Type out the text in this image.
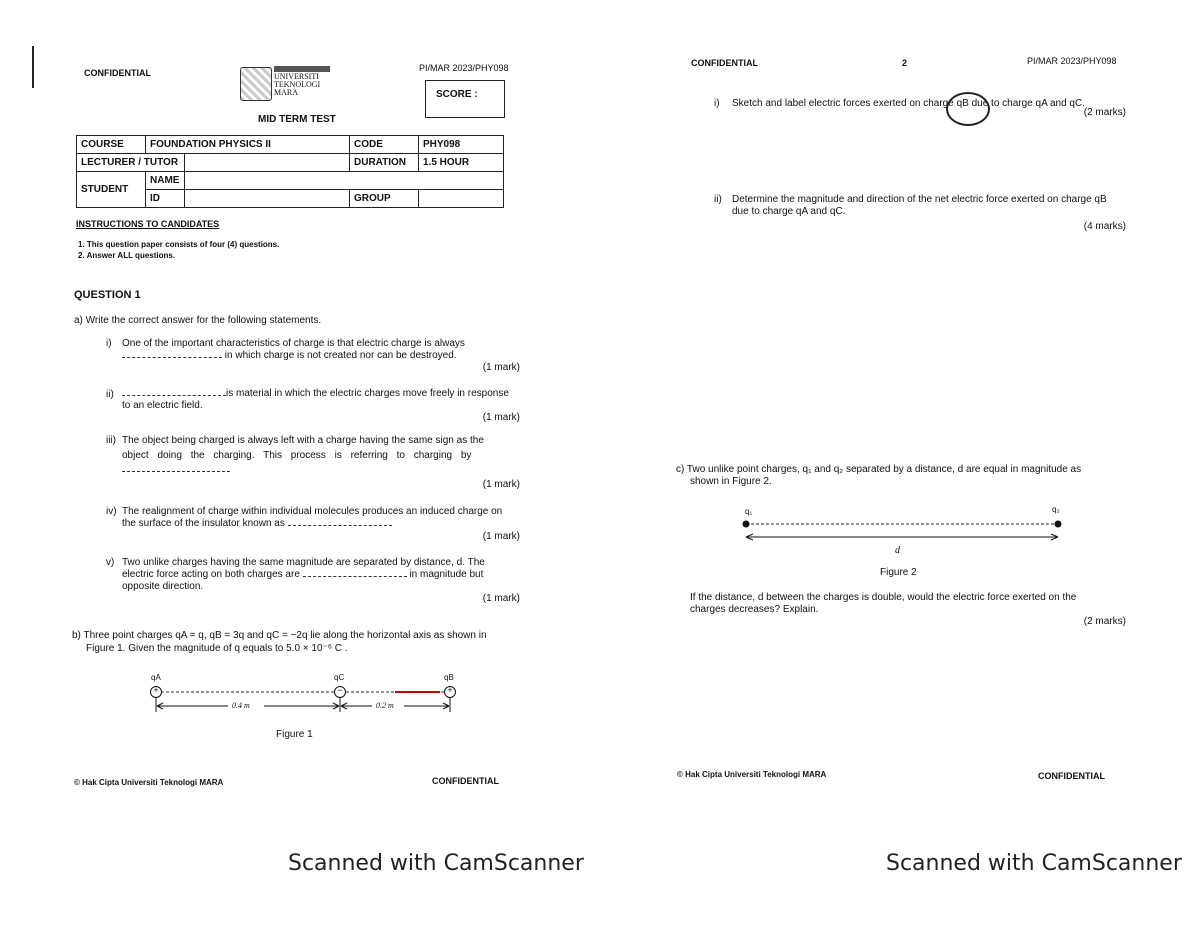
CONFIDENTIAL	UNIVERSITI
TEKNOLOGI
MARA
PI/MAR 2023/PHY098
SCORE :
MID TERM TEST
COURSE	FOUNDATION PHYSICS II		CODE	PHY098
LECTURER / TUTOR			DURATION	1.5 HOUR
STUDENT	NAME			
	ID		GROUP	
INSTRUCTIONS TO CANDIDATES
1. This question paper consists of four (4) questions.
2. Answer ALL questions.
QUESTION 1
a) Write the correct answer for the following statements.
i) One of the important characteristics of charge is that electric charge is always
in which charge is not created nor can be destroyed.
(1 mark)
ii)	is material in which the electric charges move freely in response
to an electric field.
(1 mark)
iii) The object being charged is always left with a charge having the same sign as the
object doing the charging. This process is referring to charging by
(1 mark)
iv) The realignment of charge within individual molecules produces an induced charge on
the surface of the insulator known as
(1 mark)
v) Two unlike charges having the same magnitude are separated by distance, d. The
electric force acting on both charges are	in magnitude but
opposite direction.
(1 mark)
b) Three point charges qA = q, qB = 3q and qC = −2q lie along the horizontal axis as shown in
Figure 1. Given the magnitude of q equals to 5.0 × 10⁻⁶ C .
qA	qC	qB
+	−	+
0.4 m	0.2 m
Figure 1
© Hak Cipta Universiti Teknologi MARA	CONFIDENTIAL
Scanned with CamScanner
CONFIDENTIAL	2	PI/MAR 2023/PHY098
i) Sketch and label electric forces exerted on charge qB due to charge qA and qC.
(2 marks)
ii) Determine the magnitude and direction of the net electric force exerted on charge qB
due to charge qA and qC.
(4 marks)
c) Two unlike point charges, q₁ and q₂ separated by a distance, d are equal in magnitude as
shown in Figure 2.
q₁	q₂
d
Figure 2
If the distance, d between the charges is double, would the electric force exerted on the
charges decreases? Explain.
(2 marks)
© Hak Cipta Universiti Teknologi MARA	CONFIDENTIAL
Scanned with CamScanner
